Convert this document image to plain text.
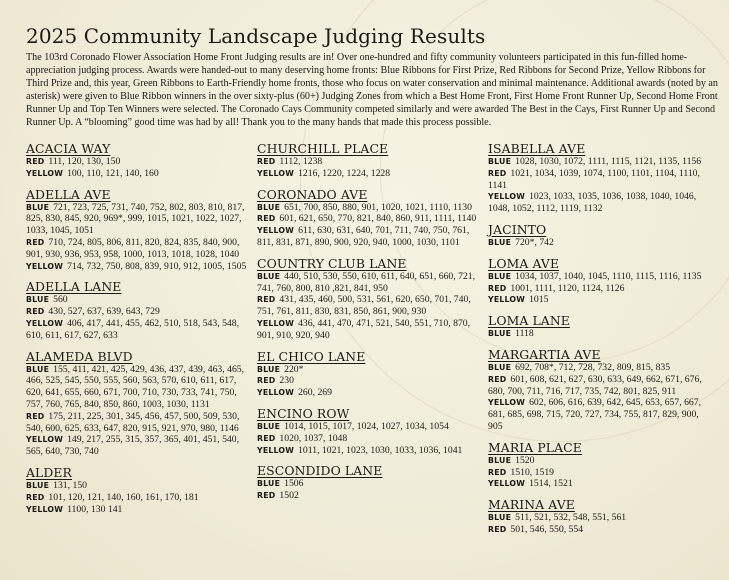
2025 Community Landscape Judging Results

The 103rd Coronado Flower Association Home Front Judging results are in! Over one-hundred and fifty community volunteers participated in this fun-filled home-appreciation judging process. Awards were handed-out to many deserving home fronts: Blue Ribbons for First Prize, Red Ribbons for Second Prize, Yellow Ribbons for Third Prize and, this year, Green Ribbons to Earth-Friendly home fronts, those who focus on water conservation and minimal maintenance. Additional awards (noted by an asterisk) were given to Blue Ribbon winners in the over sixty-plus (60+) Judging Zones from which a Best Home Front, First Home Front Runner Up, Second Home Front Runner Up and Top Ten Winners were selected. The Coronado Cays Community competed similarly and were awarded The Best in the Cays, First Runner Up and Second Runner Up. A “blooming” good time was had by all! Thank you to the many hands that made this process possible.

ACACIA WAY
RED 111, 120, 130, 150
YELLOW 100, 110, 121, 140, 160
ADELLA AVE
BLUE 721, 723, 725, 731, 740, 752, 802, 803, 810, 817, 825, 830, 845, 920, 969*, 999, 1015, 1021, 1022, 1027, 1033, 1045, 1051
RED 710, 724, 805, 806, 811, 820, 824, 835, 840, 900, 901, 930, 936, 953, 958, 1000, 1013, 1018, 1028, 1040
YELLOW 714, 732, 750, 808, 839, 910, 912, 1005, 1505
ADELLA LANE
BLUE 560
RED 430, 527, 637, 639, 643, 729
YELLOW 406, 417, 441, 455, 462, 510, 518, 543, 548, 610, 611, 617, 627, 633
ALAMEDA BLVD
BLUE 155, 411, 421, 425, 429, 436, 437, 439, 463, 465, 466, 525, 545, 550, 555, 560, 563, 570, 610, 611, 617, 620, 641, 655, 660, 671, 700, 710, 730, 733, 741, 750, 757, 760, 765, 840, 850, 860, 1003, 1030, 1131
RED 175, 211, 225, 301, 345, 456, 457, 500, 509, 530, 540, 600, 625, 633, 647, 820, 915, 921, 970, 980, 1146
YELLOW 149, 217, 255, 315, 357, 365, 401, 451, 540, 565, 640, 730, 740
ALDER
BLUE 131, 150
RED 101, 120, 121, 140, 160, 161, 170, 181
YELLOW 1100, 130 141
CHURCHILL PLACE
RED 1112, 1238
YELLOW 1216, 1220, 1224, 1228
CORONADO AVE
BLUE 651, 700, 850, 880, 901, 1020, 1021, 1110, 1130
RED 601, 621, 650, 770, 821, 840, 860, 911, 1111, 1140
YELLOW 611, 630, 631, 640, 701, 711, 740, 750, 761, 811, 831, 871, 890, 900, 920, 940, 1000, 1030, 1101
COUNTRY CLUB LANE
BLUE 440, 510, 530, 550, 610, 611, 640, 651, 660, 721, 741, 760, 800, 810 ,821, 841, 950
RED 431, 435, 460, 500, 531, 561, 620, 650, 701, 740, 751, 761, 811, 830, 831, 850, 861, 900, 930
YELLOW 436, 441, 470, 471, 521, 540, 551, 710, 870, 901, 910, 920, 940
EL CHICO LANE
BLUE 220*
RED 230
YELLOW 260, 269
ENCINO ROW
BLUE 1014, 1015, 1017, 1024, 1027, 1034, 1054
RED 1020, 1037, 1048
YELLOW 1011, 1021, 1023, 1030, 1033, 1036, 1041
ESCONDIDO LANE
BLUE 1506
RED 1502
ISABELLA AVE
BLUE 1028, 1030, 1072, 1111, 1115, 1121, 1135, 1156
RED 1021, 1034, 1039, 1074, 1100, 1101, 1104, 1110, 1141
YELLOW 1023, 1033, 1035, 1036, 1038, 1040, 1046, 1048, 1052, 1112, 1119, 1132
JACINTO
BLUE 720*, 742
LOMA AVE
BLUE 1034, 1037, 1040, 1045, 1110, 1115, 1116, 1135
RED 1001, 1111, 1120, 1124, 1126
YELLOW 1015
LOMA LANE
BLUE 1118
MARGARTIA AVE
BLUE 692, 708*, 712, 728, 732, 809, 815, 835
RED 601, 608, 621, 627, 630, 633, 649, 662, 671, 676, 680, 700, 711, 716, 717, 735, 742, 801, 825, 911
YELLOW 602, 606, 616, 639, 642, 645, 653, 657, 667, 681, 685, 698, 715, 720, 727, 734, 755, 817, 829, 900, 905
MARIA PLACE
BLUE 1520
RED 1510, 1519
YELLOW 1514, 1521
MARINA AVE
BLUE 511, 521, 532, 548, 551, 561
RED 501, 546, 550, 554
